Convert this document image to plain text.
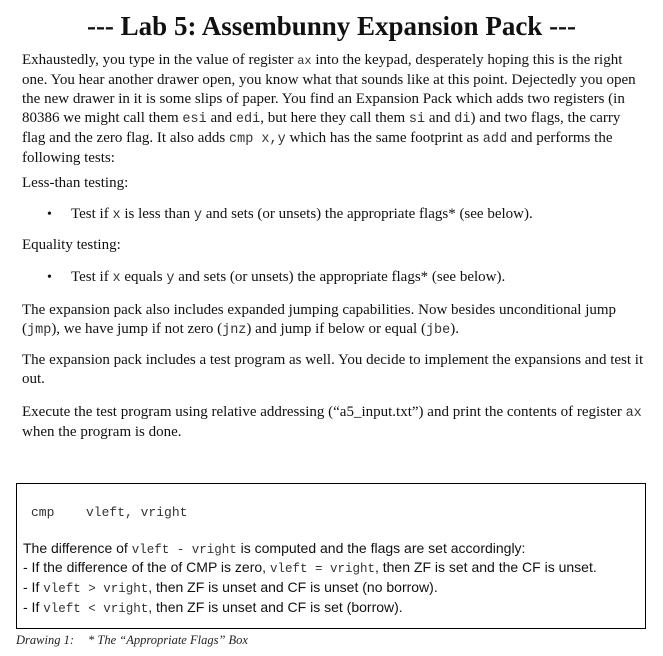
--- Lab 5: Assembunny Expansion Pack ---

Exhaustedly, you type in the value of register ax into the keypad, desperately hoping this is the right one. You hear another drawer open, you know what that sounds like at this point. Dejectedly you open the new drawer in it is some slips of paper. You find an Expansion Pack which adds two registers (in 80386 we might call them esi and edi, but here they call them si and di) and two flags, the carry flag and the zero flag. It also adds cmp x,y which has the same footprint as add and performs the following tests:

Less-than testing:

• Test if x is less than y and sets (or unsets) the appropriate flags* (see below).

Equality testing:

• Test if x equals y and sets (or unsets) the appropriate flags* (see below).

The expansion pack also includes expanded jumping capabilities. Now besides unconditional jump (jmp), we have jump if not zero (jnz) and jump if below or equal (jbe).

The expansion pack includes a test program as well. You decide to implement the expansions and test it out.

Execute the test program using relative addressing (“a5_input.txt”) and print the contents of register ax when the program is done.

cmp vleft, vright
The difference of vleft - vright is computed and the flags are set accordingly:
- If the difference of the of CMP is zero, vleft = vright, then ZF is set and the CF is unset.
- If vleft > vright, then ZF is unset and CF is unset (no borrow).
- If vleft < vright, then ZF is unset and CF is set (borrow).
Drawing 1: * The “Appropriate Flags” Box
